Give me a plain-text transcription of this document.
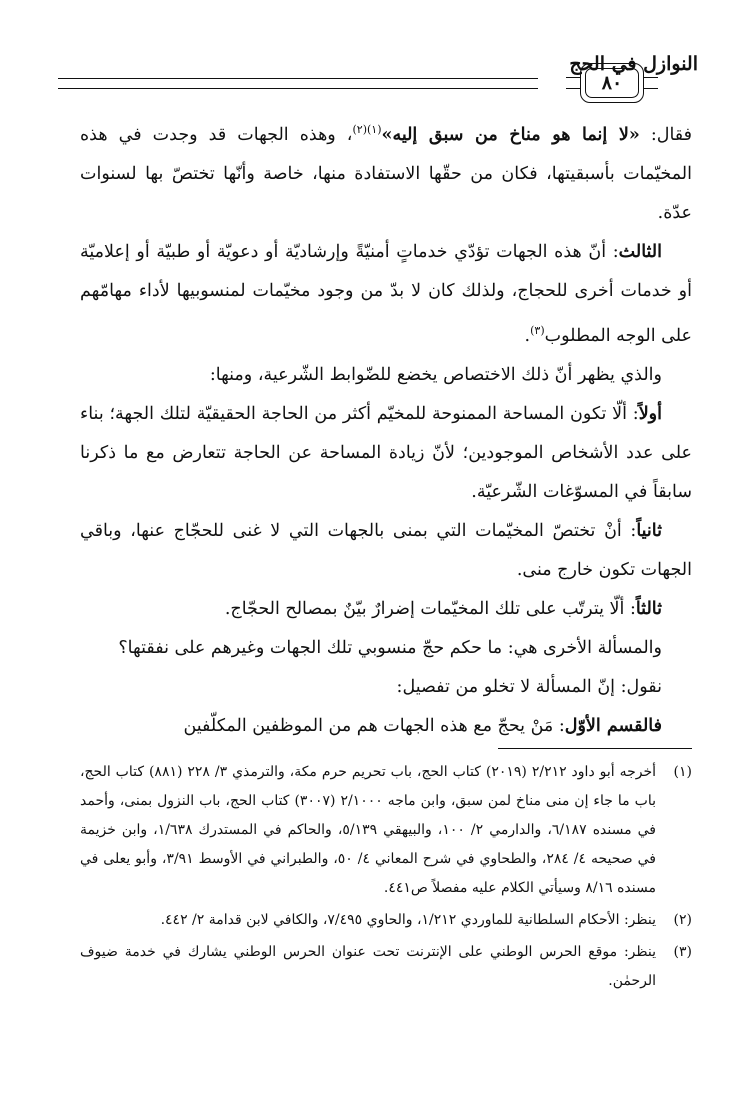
٨٠
النوازل في الحج

فقال: «لا إنما هو مناخ من سبق إليه»$^{(١)(٢)}$، وهذه الجهات قد وجدت في هذه المخيّمات بأسبقيتها، فكان من حقّها الاستفادة منها، خاصة وأنّها تختصّ بها لسنوات عدّة.

الثالث: أنّ هذه الجهات تؤدّي خدماتٍ أمنيّةً وإرشاديّة أو دعويّة أو طبيّة أو إعلاميّة أو خدمات أخرى للحجاج، ولذلك كان لا بدّ من وجود مخيّمات لمنسوبيها لأداء مهامّهم على الوجه المطلوب$^{(٣)}$.

والذي يظهر أنّ ذلك الاختصاص يخضع للضّوابط الشّرعية، ومنها:

أولاً: ألّا تكون المساحة الممنوحة للمخيّم أكثر من الحاجة الحقيقيّة لتلك الجهة؛ بناء على عدد الأشخاص الموجودين؛ لأنّ زيادة المساحة عن الحاجة تتعارض مع ما ذكرنا سابقاً في المسوّغات الشّرعيّة.

ثانياً: أنْ تختصّ المخيّمات التي بمنى بالجهات التي لا غنى للحجّاج عنها، وباقي الجهات تكون خارج منى.

ثالثاً: ألّا يترتّب على تلك المخيّمات إضرارٌ بيّنٌ بمصالح الحجّاج.

والمسألة الأخرى هي: ما حكم حجّ منسوبي تلك الجهات وغيرهم على نفقتها؟

نقول: إنّ المسألة لا تخلو من تفصيل:

فالقسم الأوّل: مَنْ يحجّ مع هذه الجهات هم من الموظفين المكلّفين

(١)
أخرجه أبو داود ٢/٢١٢ (٢٠١٩) كتاب الحج، باب تحريم حرم مكة، والترمذي ٣/ ٢٢٨ (٨٨١) كتاب الحج، باب ما جاء إن منى مناخ لمن سبق، وابن ماجه ٢/١٠٠٠ (٣٠٠٧) كتاب الحج، باب النزول بمنى، وأحمد في مسنده ٦/١٨٧، والدارمي ٢/ ١٠٠، والبيهقي ٥/١٣٩، والحاكم في المستدرك ١/٦٣٨، وابن خزيمة في صحيحه ٤/ ٢٨٤، والطحاوي في شرح المعاني ٤/ ٥٠، والطبراني في الأوسط ٣/٩١، وأبو يعلى في مسنده ٨/١٦ وسيأتي الكلام عليه مفصلاً ص٤٤١.
(٢)
ينظر: الأحكام السلطانية للماوردي ١/٢١٢، والحاوي ٧/٤٩٥، والكافي لابن قدامة ٢/ ٤٤٢.
(٣)
ينظر: موقع الحرس الوطني على الإنترنت تحت عنوان الحرس الوطني يشارك في خدمة ضيوف الرحمٰن.
